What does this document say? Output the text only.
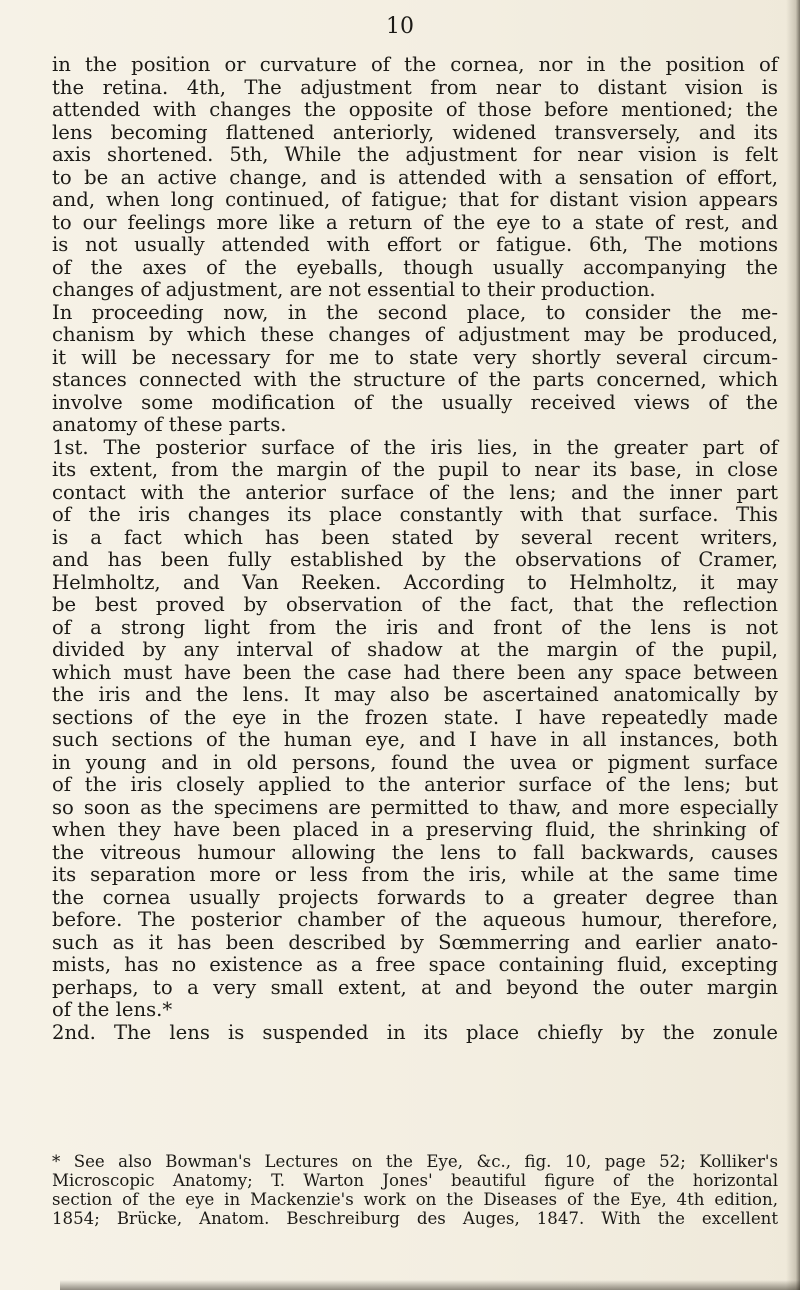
10

in the position or curvature of the cornea, nor in the position of

the retina. 4th, The adjustment from near to distant vision is

attended with changes the opposite of those before mentioned; the

lens becoming flattened anteriorly, widened transversely, and its

axis shortened. 5th, While the adjustment for near vision is felt

to be an active change, and is attended with a sensation of effort,

and, when long continued, of fatigue; that for distant vision appears

to our feelings more like a return of the eye to a state of rest, and

is not usually attended with effort or fatigue. 6th, The motions

of the axes of the eyeballs, though usually accompanying the

changes of adjustment, are not essential to their production.

In proceeding now, in the second place, to consider the me-

chanism by which these changes of adjustment may be produced,

it will be necessary for me to state very shortly several circum-

stances connected with the structure of the parts concerned, which

involve some modification of the usually received views of the

anatomy of these parts.

1st. The posterior surface of the iris lies, in the greater part of

its extent, from the margin of the pupil to near its base, in close

contact with the anterior surface of the lens; and the inner part

of the iris changes its place constantly with that surface. This

is a fact which has been stated by several recent writers,

and has been fully established by the observations of Cramer,

Helmholtz, and Van Reeken. According to Helmholtz, it may

be best proved by observation of the fact, that the reflection

of a strong light from the iris and front of the lens is not

divided by any interval of shadow at the margin of the pupil,

which must have been the case had there been any space between

the iris and the lens. It may also be ascertained anatomically by

sections of the eye in the frozen state. I have repeatedly made

such sections of the human eye, and I have in all instances, both

in young and in old persons, found the uvea or pigment surface

of the iris closely applied to the anterior surface of the lens; but

so soon as the specimens are permitted to thaw, and more especially

when they have been placed in a preserving fluid, the shrinking of

the vitreous humour allowing the lens to fall backwards, causes

its separation more or less from the iris, while at the same time

the cornea usually projects forwards to a greater degree than

before. The posterior chamber of the aqueous humour, therefore,

such as it has been described by Sœmmerring and earlier anato-

mists, has no existence as a free space containing fluid, excepting

perhaps, to a very small extent, at and beyond the outer margin

of the lens.*

2nd. The lens is suspended in its place chiefly by the zonule

* See also Bowman's Lectures on the Eye, &c., fig. 10, page 52; Kolliker's

Microscopic Anatomy; T. Warton Jones' beautiful figure of the horizontal

section of the eye in Mackenzie's work on the Diseases of the Eye, 4th edition,

1854; Brücke, Anatom. Beschreiburg des Auges, 1847. With the excellent
